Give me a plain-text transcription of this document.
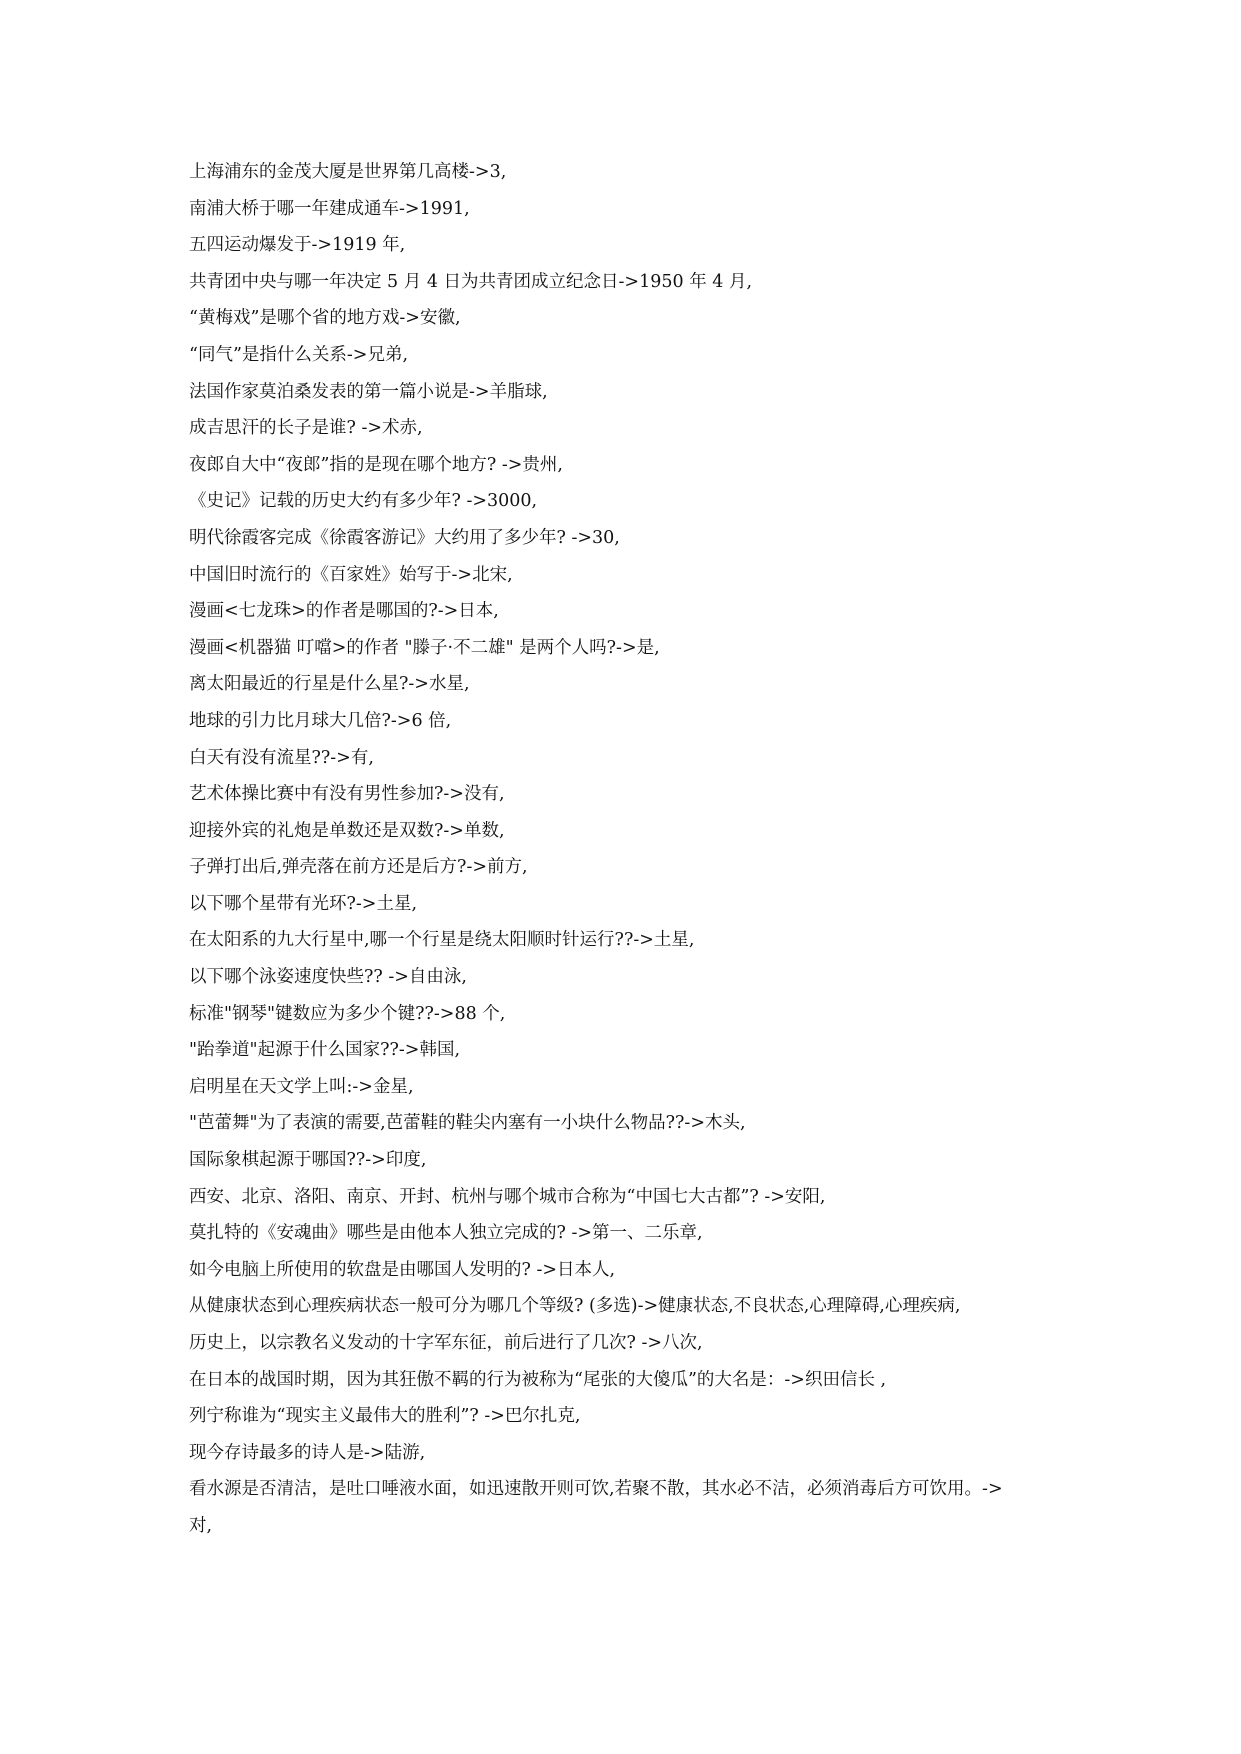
上海浦东的金茂大厦是世界第几高楼->3,
南浦大桥于哪一年建成通车->1991,
五四运动爆发于->1919 年,
共青团中央与哪一年决定 5 月 4 日为共青团成立纪念日->1950 年 4 月,
“黄梅戏”是哪个省的地方戏->安徽,
“同气”是指什么关系->兄弟,
法国作家莫泊桑发表的第一篇小说是->羊脂球,
成吉思汗的长子是谁? ->术赤,
夜郎自大中“夜郎”指的是现在哪个地方? ->贵州,
《史记》记载的历史大约有多少年? ->3000,
明代徐霞客完成《徐霞客游记》大约用了多少年? ->30,
中国旧时流行的《百家姓》始写于->北宋,
漫画<七龙珠>的作者是哪国的?->日本,
漫画<机器猫 叮噹>的作者 "滕子·不二雄" 是两个人吗?->是,
离太阳最近的行星是什么星?->水星,
地球的引力比月球大几倍?->6 倍,
白天有没有流星??->有,
艺术体操比赛中有没有男性参加?->没有,
迎接外宾的礼炮是单数还是双数?->单数,
子弹打出后,弹壳落在前方还是后方?->前方,
以下哪个星带有光环?->土星,
在太阳系的九大行星中,哪一个行星是绕太阳顺时针运行??->土星,
以下哪个泳姿速度快些?? ->自由泳,
标准"钢琴"键数应为多少个键??->88 个,
"跆拳道"起源于什么国家??->韩国,
启明星在天文学上叫:->金星,
"芭蕾舞"为了表演的需要,芭蕾鞋的鞋尖内塞有一小块什么物品??->木头,
国际象棋起源于哪国??->印度,
西安、北京、洛阳、南京、开封、杭州与哪个城市合称为“中国七大古都”? ->安阳,
莫扎特的《安魂曲》哪些是由他本人独立完成的? ->第一、二乐章,
如今电脑上所使用的软盘是由哪国人发明的? ->日本人,
从健康状态到心理疾病状态一般可分为哪几个等级? (多选)->健康状态,不良状态,心理障碍,心理疾病,
历史上，以宗教名义发动的十字军东征，前后进行了几次? ->八次,
在日本的战国时期，因为其狂傲不羁的行为被称为“尾张的大傻瓜”的大名是：->织田信长 ,
列宁称谁为“现实主义最伟大的胜利”? ->巴尔扎克,
现今存诗最多的诗人是->陆游,
看水源是否清洁，是吐口唾液水面，如迅速散开则可饮,若聚不散，其水必不洁，必须消毒后方可饮用。->
对,
